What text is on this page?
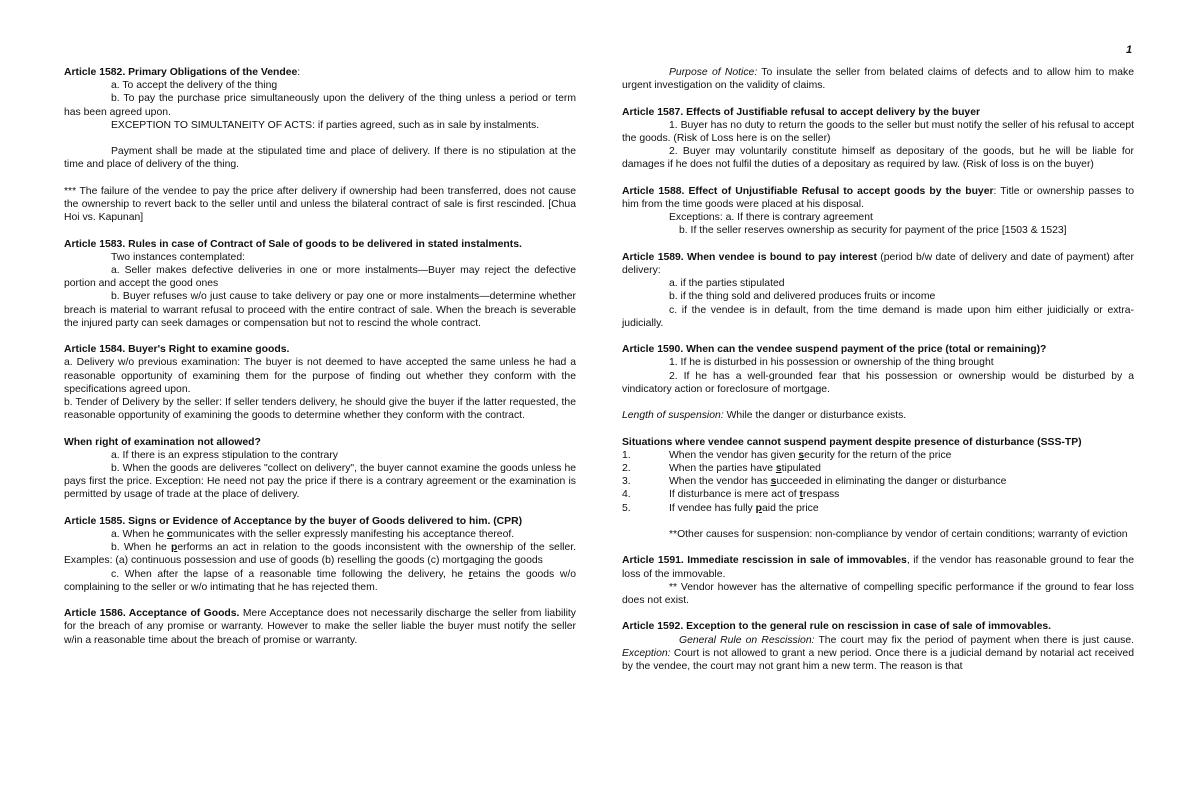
1

Article 1582. Primary Obligations of the Vendee:

a. To accept the delivery of the thing

b. To pay the purchase price simultaneously upon the delivery of the thing unless a period or term has been agreed upon.

EXCEPTION TO SIMULTANEITY OF ACTS: if parties agreed, such as in sale by instalments.

Payment shall be made at the stipulated time and place of delivery. If there is no stipulation at the time and place of delivery of the thing.

*** The failure of the vendee to pay the price after delivery if ownership had been transferred, does not cause the ownership to revert back to the seller until and unless the bilateral contract of sale is first rescinded. [Chua Hoi vs. Kapunan]

Article 1583. Rules in case of Contract of Sale of goods to be delivered in stated instalments.

Two instances contemplated:

a. Seller makes defective deliveries in one or more instalments—Buyer may reject the defective portion and accept the good ones

b. Buyer refuses w/o just cause to take delivery or pay one or more instalments—determine whether breach is material to warrant refusal to proceed with the entire contract of sale. When the breach is severable the injured party can seek damages or compensation but not to rescind the whole contract.

Article 1584. Buyer's Right to examine goods.

a. Delivery w/o previous examination: The buyer is not deemed to have accepted the same unless he had a reasonable opportunity of examining them for the purpose of finding out whether they conform with the specifications agreed upon.

b. Tender of Delivery by the seller: If seller tenders delivery, he should give the buyer if the latter requested, the reasonable opportunity of examining the goods to determine whether they conform with the contract.

When right of examination not allowed?

a. If there is an express stipulation to the contrary

b. When the goods are deliveres "collect on delivery", the buyer cannot examine the goods unless he pays first the price. Exception: He need not pay the price if there is a contrary agreement or the examination is permitted by usage of trade at the place of delivery.

Article 1585. Signs or Evidence of Acceptance by the buyer of Goods delivered to him. (CPR)

a. When he communicates with the seller expressly manifesting his acceptance thereof.

b. When he performs an act in relation to the goods inconsistent with the ownership of the seller. Examples: (a) continuous possession and use of goods (b) reselling the goods (c) mortgaging the goods

c. When after the lapse of a reasonable time following the delivery, he retains the goods w/o complaining to the seller or w/o intimating that he has rejected them.

Article 1586. Acceptance of Goods. Mere Acceptance does not necessarily discharge the seller from liability for the breach of any promise or warranty. However to make the seller liable the buyer must notify the seller w/in a reasonable time about the breach of promise or warranty.

Purpose of Notice: To insulate the seller from belated claims of defects and to allow him to make urgent investigation on the validity of claims.

Article 1587. Effects of Justifiable refusal to accept delivery by the buyer

1. Buyer has no duty to return the goods to the seller but must notify the seller of his refusal to accept the goods. (Risk of Loss here is on the seller)

2. Buyer may voluntarily constitute himself as depositary of the goods, but he will be liable for damages if he does not fulfil the duties of a depositary as required by law. (Risk of loss is on the buyer)

Article 1588. Effect of Unjustifiable Refusal to accept goods by the buyer: Title or ownership passes to him from the time goods were placed at his disposal.

Exceptions: a. If there is contrary agreement

b. If the seller reserves ownership as security for payment of the price [1503 & 1523]

Article 1589. When vendee is bound to pay interest (period b/w date of delivery and date of payment) after delivery:

a. if the parties stipulated

b. if the thing sold and delivered produces fruits or income

c. if the vendee is in default, from the time demand is made upon him either juidicially or extra-judicially.

Article 1590. When can the vendee suspend payment of the price (total or remaining)?

1. If he is disturbed in his possession or ownership of the thing brought

2. If he has a well-grounded fear that his possession or ownership would be disturbed by a vindicatory action or foreclosure of mortgage.

Length of suspension: While the danger or disturbance exists.

Situations where vendee cannot suspend payment despite presence of disturbance (SSS-TP)

1.	When the vendor has given security for the return of the price
2.	When the parties have stipulated
3.	When the vendor has succeeded in eliminating the danger or disturbance
4.	If disturbance is mere act of trespass
5.	If vendee has fully paid the price

**Other causes for suspension: non-compliance by vendor of certain conditions; warranty of eviction

Article 1591. Immediate rescission in sale of immovables, if the vendor has reasonable ground to fear the loss of the immovable.

** Vendor however has the alternative of compelling specific performance if the ground to fear loss does not exist.

Article 1592. Exception to the general rule on rescission in case of sale of immovables.

General Rule on Rescission: The court may fix the period of payment when there is just cause. Exception: Court is not allowed to grant a new period. Once there is a judicial demand by notarial act received by the vendee, the court may not grant him a new term. The reason is that
